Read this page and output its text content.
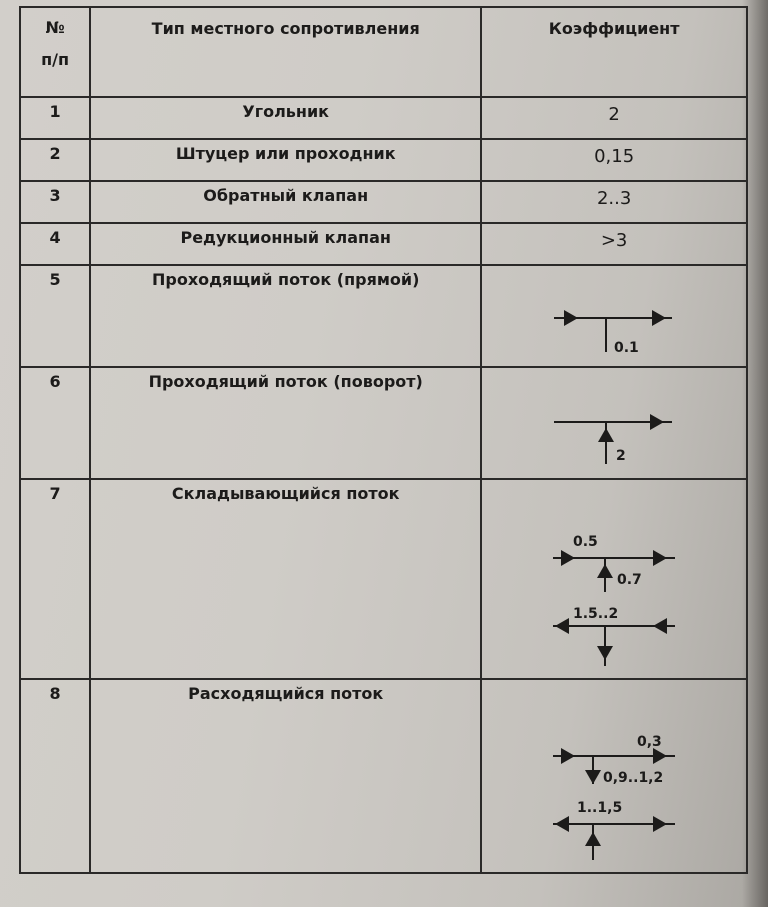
№
п/п	Тип местного сопротивления	Коэффициент
1	Угольник	2
2	Штуцер или проходник	0,15
3	Обратный клапан	2..3
4	Редукционный клапан	>3
5	Проходящий поток (прямой)	0.1

6	Проходящий поток (поворот)	2

7	Складывающийся поток	0.5
0.7
1.5..2

8	Расходящийся поток	0,3
0,9..1,2
1..1,5
